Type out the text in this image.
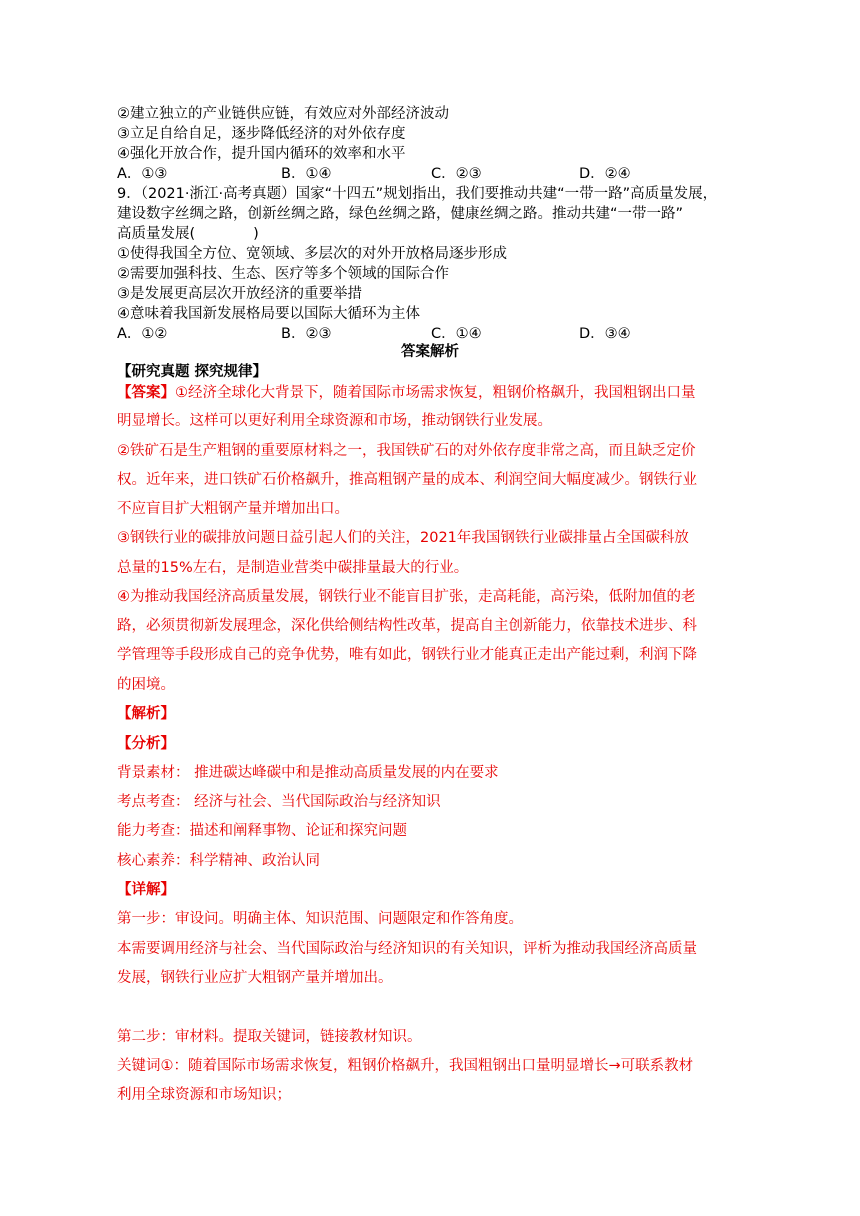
②建立独立的产业链供应链，有效应对外部经济波动
③立足自给自足，逐步降低经济的对外依存度
④强化开放合作，提升国内循环的效率和水平
A．①③	B．①④	C．②③	D．②④
9．（2021·浙江·高考真题）国家“十四五”规划指出，我们要推动共建“一带一路”高质量发展，
建设数字丝绸之路，创新丝绸之路，绿色丝绸之路，健康丝绸之路。推动共建“一带一路”
高质量发展(　　　　)
①使得我国全方位、宽领域、多层次的对外开放格局逐步形成
②需要加强科技、生态、医疗等多个领域的国际合作
③是发展更高层次开放经济的重要举措
④意味着我国新发展格局要以国际大循环为主体
A．①②	B．②③	C．①④	D．③④
答案解析
【研究真题 探究规律】
【答案】①经济全球化大背景下，随着国际市场需求恢复，粗钢价格飙升，我国粗钢出口量
明显增长。这样可以更好利用全球资源和市场，推动钢铁行业发展。
②铁矿石是生产粗钢的重要原材料之一，我国铁矿石的对外依存度非常之高，而且缺乏定价
权。近年来，进口铁矿石价格飙升，推高粗钢产量的成本、利润空间大幅度减少。钢铁行业
不应盲目扩大粗钢产量并增加出口。
③钢铁行业的碳排放问题日益引起人们的关注，2021年我国钢铁行业碳排量占全国碳科放
总量的15%左右，是制造业营类中碳排量最大的行业。
④为推动我国经济高质量发展，钢铁行业不能盲目扩张，走高耗能，高污染，低附加值的老
路，必须贯彻新发展理念，深化供给侧结构性改革，提高自主创新能力，依靠技术进步、科
学管理等手段形成自己的竞争优势，唯有如此，钢铁行业才能真正走出产能过剩，利润下降
的困境。
【解析】
【分析】
背景素材： 推进碳达峰碳中和是推动高质量发展的内在要求
考点考查： 经济与社会、当代国际政治与经济知识
能力考查：描述和阐释事物、论证和探究问题
核心素养：科学精神、政治认同
【详解】
第一步：审设问。明确主体、知识范围、问题限定和作答角度。
本需要调用经济与社会、当代国际政治与经济知识的有关知识，评析为推动我国经济高质量
发展，钢铁行业应扩大粗钢产量并增加出。
第二步：审材料。提取关键词，链接教材知识。
关键词①：随着国际市场需求恢复，粗钢价格飙升，我国粗钢出口量明显增长→可联系教材
利用全球资源和市场知识；
